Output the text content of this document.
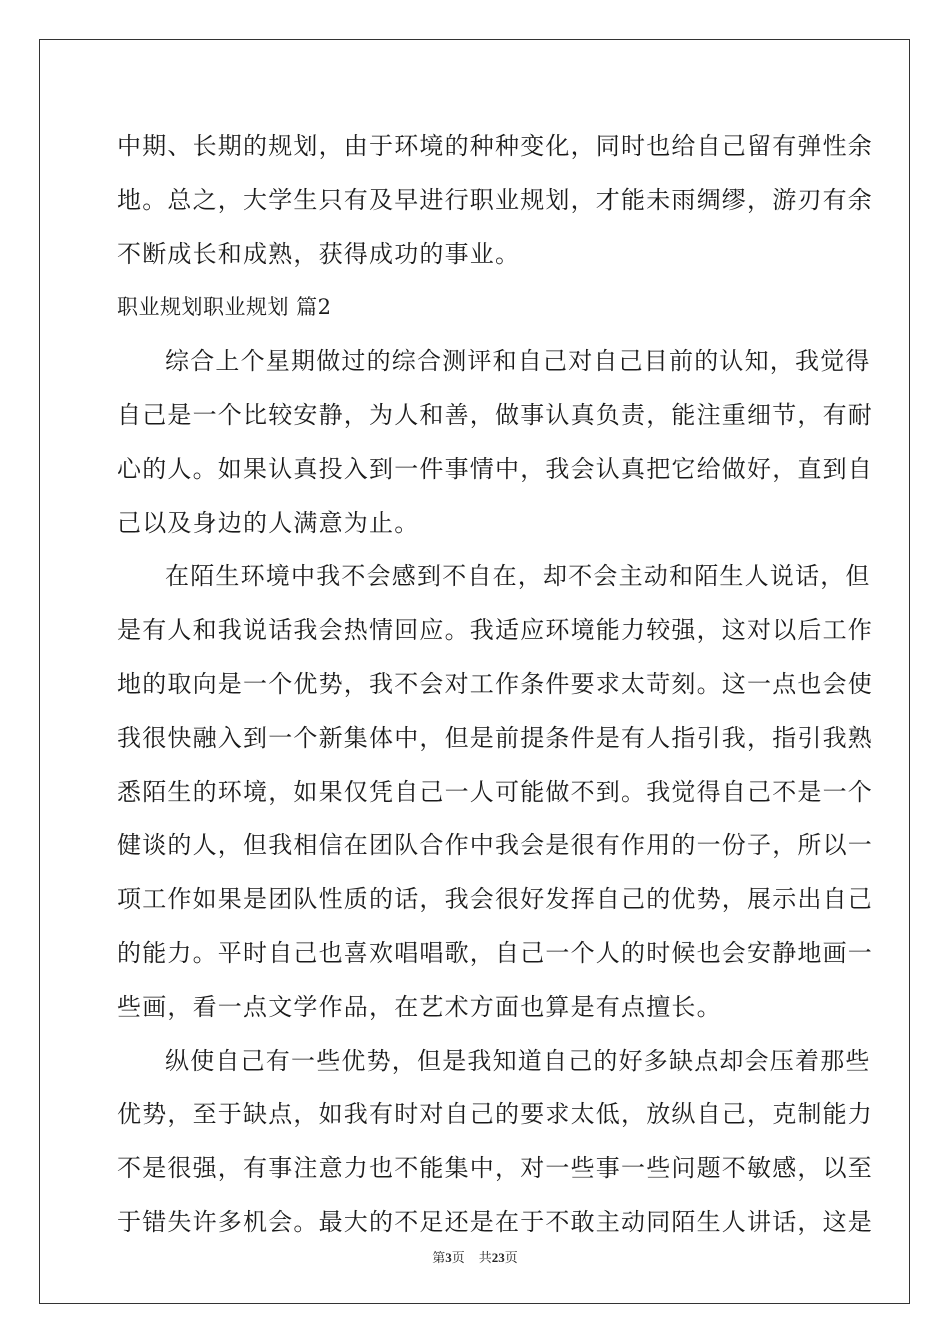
中期、长期的规划，由于环境的种种变化，同时也给自己留有弹性余
地。总之，大学生只有及早进行职业规划，才能未雨绸缪，游刃有余
不断成长和成熟，获得成功的事业。
职业规划职业规划 篇2
综合上个星期做过的综合测评和自己对自己目前的认知，我觉得
自己是一个比较安静，为人和善，做事认真负责，能注重细节，有耐
心的人。如果认真投入到一件事情中，我会认真把它给做好，直到自
己以及身边的人满意为止。
在陌生环境中我不会感到不自在，却不会主动和陌生人说话，但
是有人和我说话我会热情回应。我适应环境能力较强，这对以后工作
地的取向是一个优势，我不会对工作条件要求太苛刻。这一点也会使
我很快融入到一个新集体中，但是前提条件是有人指引我，指引我熟
悉陌生的环境，如果仅凭自己一人可能做不到。我觉得自己不是一个
健谈的人，但我相信在团队合作中我会是很有作用的一份子，所以一
项工作如果是团队性质的话，我会很好发挥自己的优势，展示出自己
的能力。平时自己也喜欢唱唱歌，自己一个人的时候也会安静地画一
些画，看一点文学作品，在艺术方面也算是有点擅长。
纵使自己有一些优势，但是我知道自己的好多缺点却会压着那些
优势，至于缺点，如我有时对自己的要求太低，放纵自己，克制能力
不是很强，有事注意力也不能集中，对一些事一些问题不敏感，以至
于错失许多机会。最大的不足还是在于不敢主动同陌生人讲话，这是
第3页 共23页
